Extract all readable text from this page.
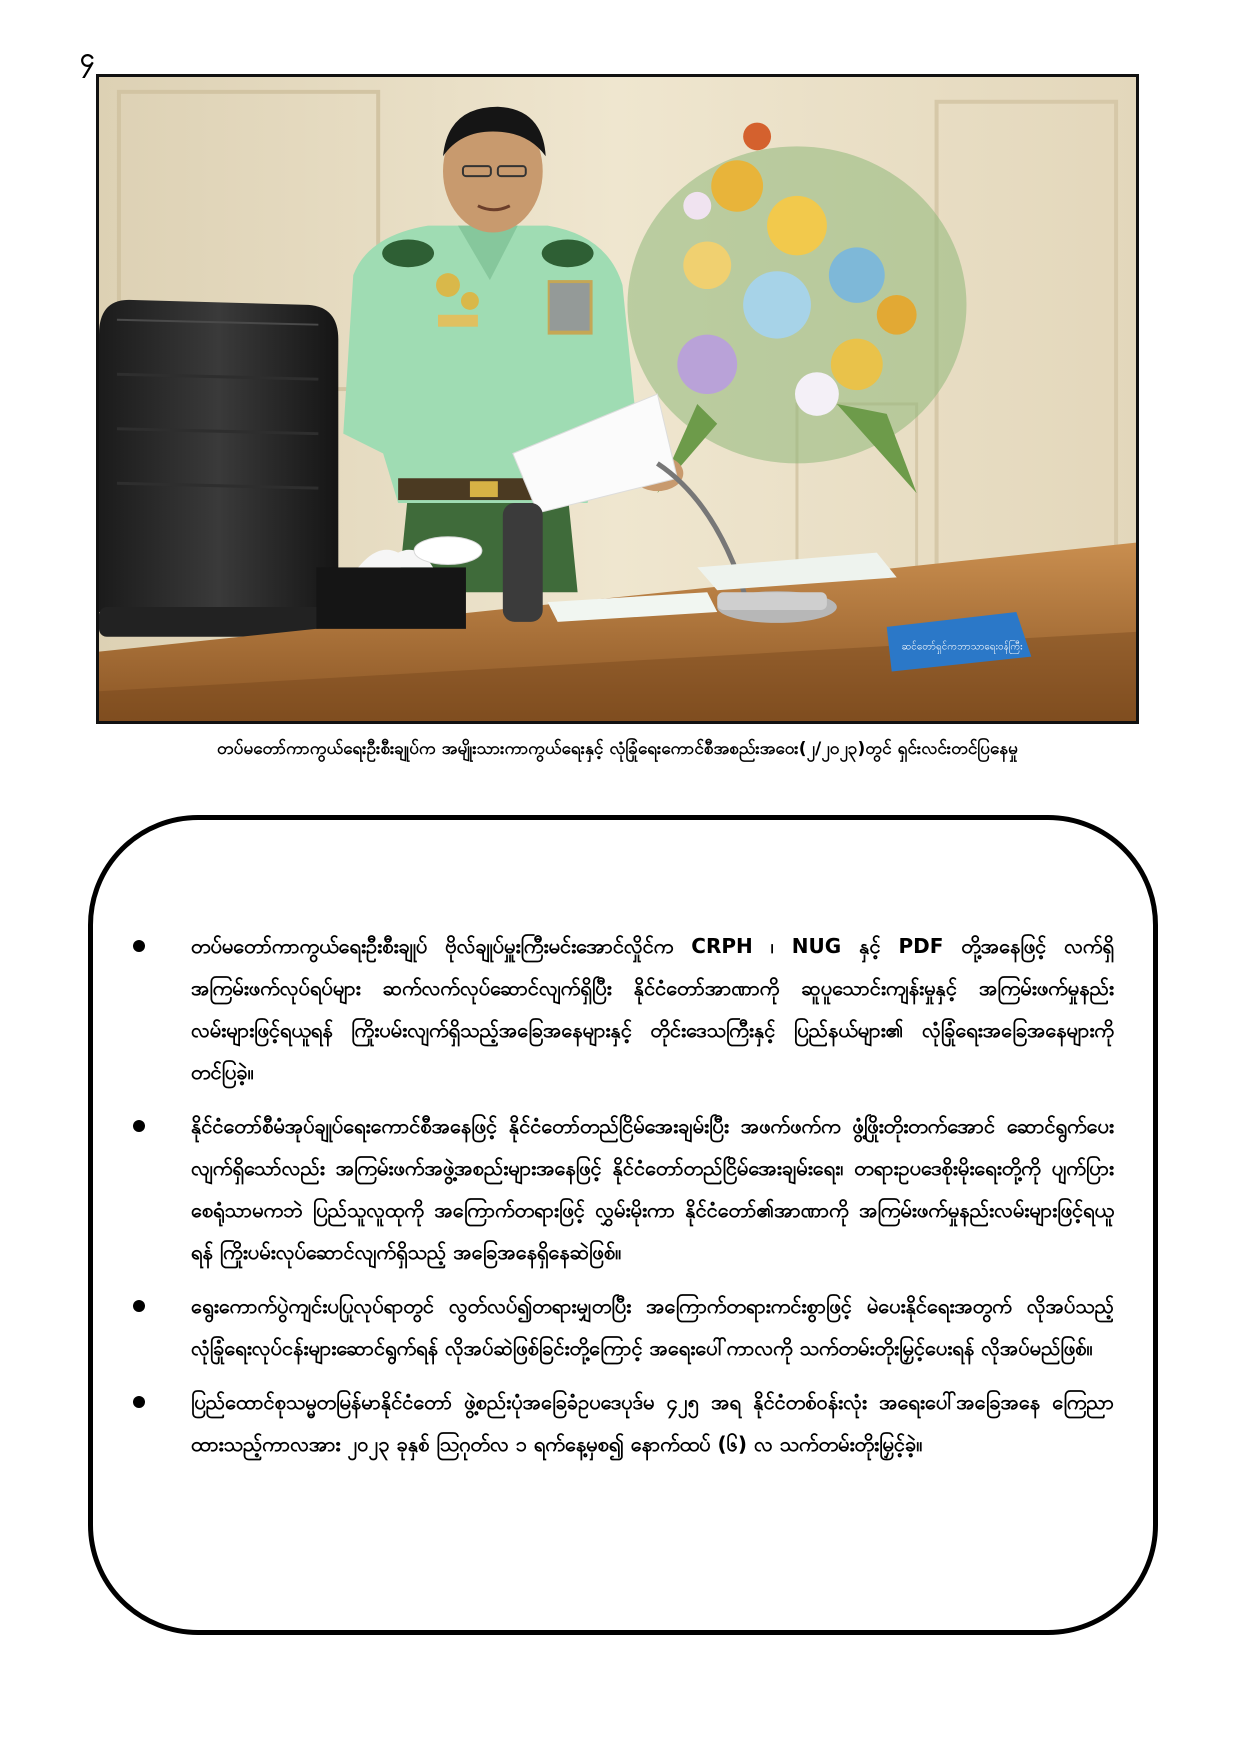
၄
ဆင်တော်ရှင်ကဘာသာရေးဝန်ကြီး
တပ်မတော်ကာကွယ်ရေးဦးစီးချုပ်က အမျိုးသားကာကွယ်ရေးနှင့် လုံခြုံရေးကောင်စီအစည်းအဝေး(၂/၂၀၂၃)တွင် ရှင်းလင်းတင်ပြနေမှု
တပ်မတော်ကာကွယ်ရေးဦးစီးချုပ် ဗိုလ်ချုပ်မှူးကြီးမင်းအောင်လှိုင်က CRPH ၊ NUG နှင့် PDF တို့အနေဖြင့် လက်ရှိအကြမ်းဖက်လုပ်ရပ်များ ဆက်လက်လုပ်ဆောင်လျက်ရှိပြီး နိုင်ငံတော်အာဏာကို ဆူပူသောင်းကျန်းမှုနှင့် အကြမ်းဖက်မှုနည်းလမ်းများဖြင့်ရယူရန် ကြိုးပမ်းလျက်ရှိသည့်အခြေအနေများနှင့် တိုင်းဒေသကြီးနှင့် ပြည်နယ်များ၏ လုံခြုံရေးအခြေအနေများကို တင်ပြခဲ့။
နိုင်ငံတော်စီမံအုပ်ချုပ်ရေးကောင်စီအနေဖြင့် နိုင်ငံတော်တည်ငြိမ်အေးချမ်းပြီး အဖက်ဖက်က ဖွံ့ဖြိုးတိုးတက်အောင် ဆောင်ရွက်ပေးလျက်ရှိသော်လည်း အကြမ်းဖက်အဖွဲ့အစည်းများအနေဖြင့် နိုင်ငံတော်တည်ငြိမ်အေးချမ်းရေး၊ တရားဥပဒေစိုးမိုးရေးတို့ကို ပျက်ပြားစေရုံသာမကဘဲ ပြည်သူလူထုကို အကြောက်တရားဖြင့် လွှမ်းမိုးကာ နိုင်ငံတော်၏အာဏာကို အကြမ်းဖက်မှုနည်းလမ်းများဖြင့်ရယူရန် ကြိုးပမ်းလုပ်ဆောင်လျက်ရှိသည့် အခြေအနေရှိနေဆဲဖြစ်။
ရွေးကောက်ပွဲကျင်းပပြုလုပ်ရာတွင် လွတ်လပ်၍တရားမျှတပြီး အကြောက်တရားကင်းစွာဖြင့် မဲပေးနိုင်ရေးအတွက် လိုအပ်သည့်လုံခြုံရေးလုပ်ငန်းများဆောင်ရွက်ရန် လိုအပ်ဆဲဖြစ်ခြင်းတို့ကြောင့် အရေးပေါ်ကာလကို သက်တမ်းတိုးမြှင့်ပေးရန် လိုအပ်မည်ဖြစ်။
ပြည်ထောင်စုသမ္မတမြန်မာနိုင်ငံတော် ဖွဲ့စည်းပုံအခြေခံဥပဒေပုဒ်မ ၄၂၅ အရ နိုင်ငံတစ်ဝန်းလုံး အရေးပေါ်အခြေအနေ ကြေညာထားသည့်ကာလအား ၂၀၂၃ ခုနှစ် ဩဂုတ်လ ၁ ရက်နေ့မှစ၍ နောက်ထပ် (၆) လ သက်တမ်းတိုးမြှင့်ခဲ့။
